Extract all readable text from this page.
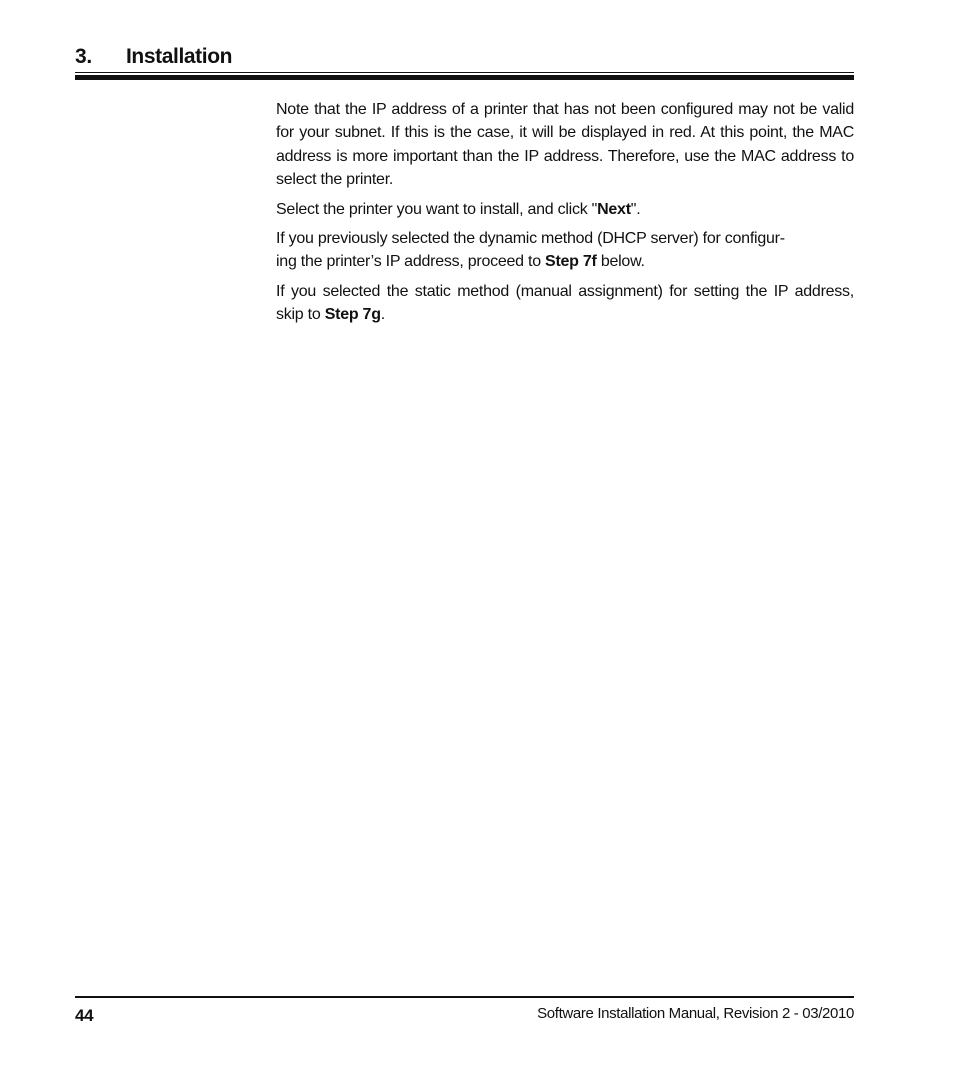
3. Installation

Note that the IP address of a printer that has not been configured may not be valid for your subnet. If this is the case, it will be displayed in red. At this point, the MAC address is more important than the IP address. Therefore, use the MAC address to select the printer.

Select the printer you want to install, and click "Next".

If you previously selected the dynamic method (DHCP server) for configur-
ing the printer’s IP address, proceed to Step 7f below.

If you selected the static method (manual assignment) for setting the IP address, skip to Step 7g.

44	Software Installation Manual, Revision 2 - 03/2010
